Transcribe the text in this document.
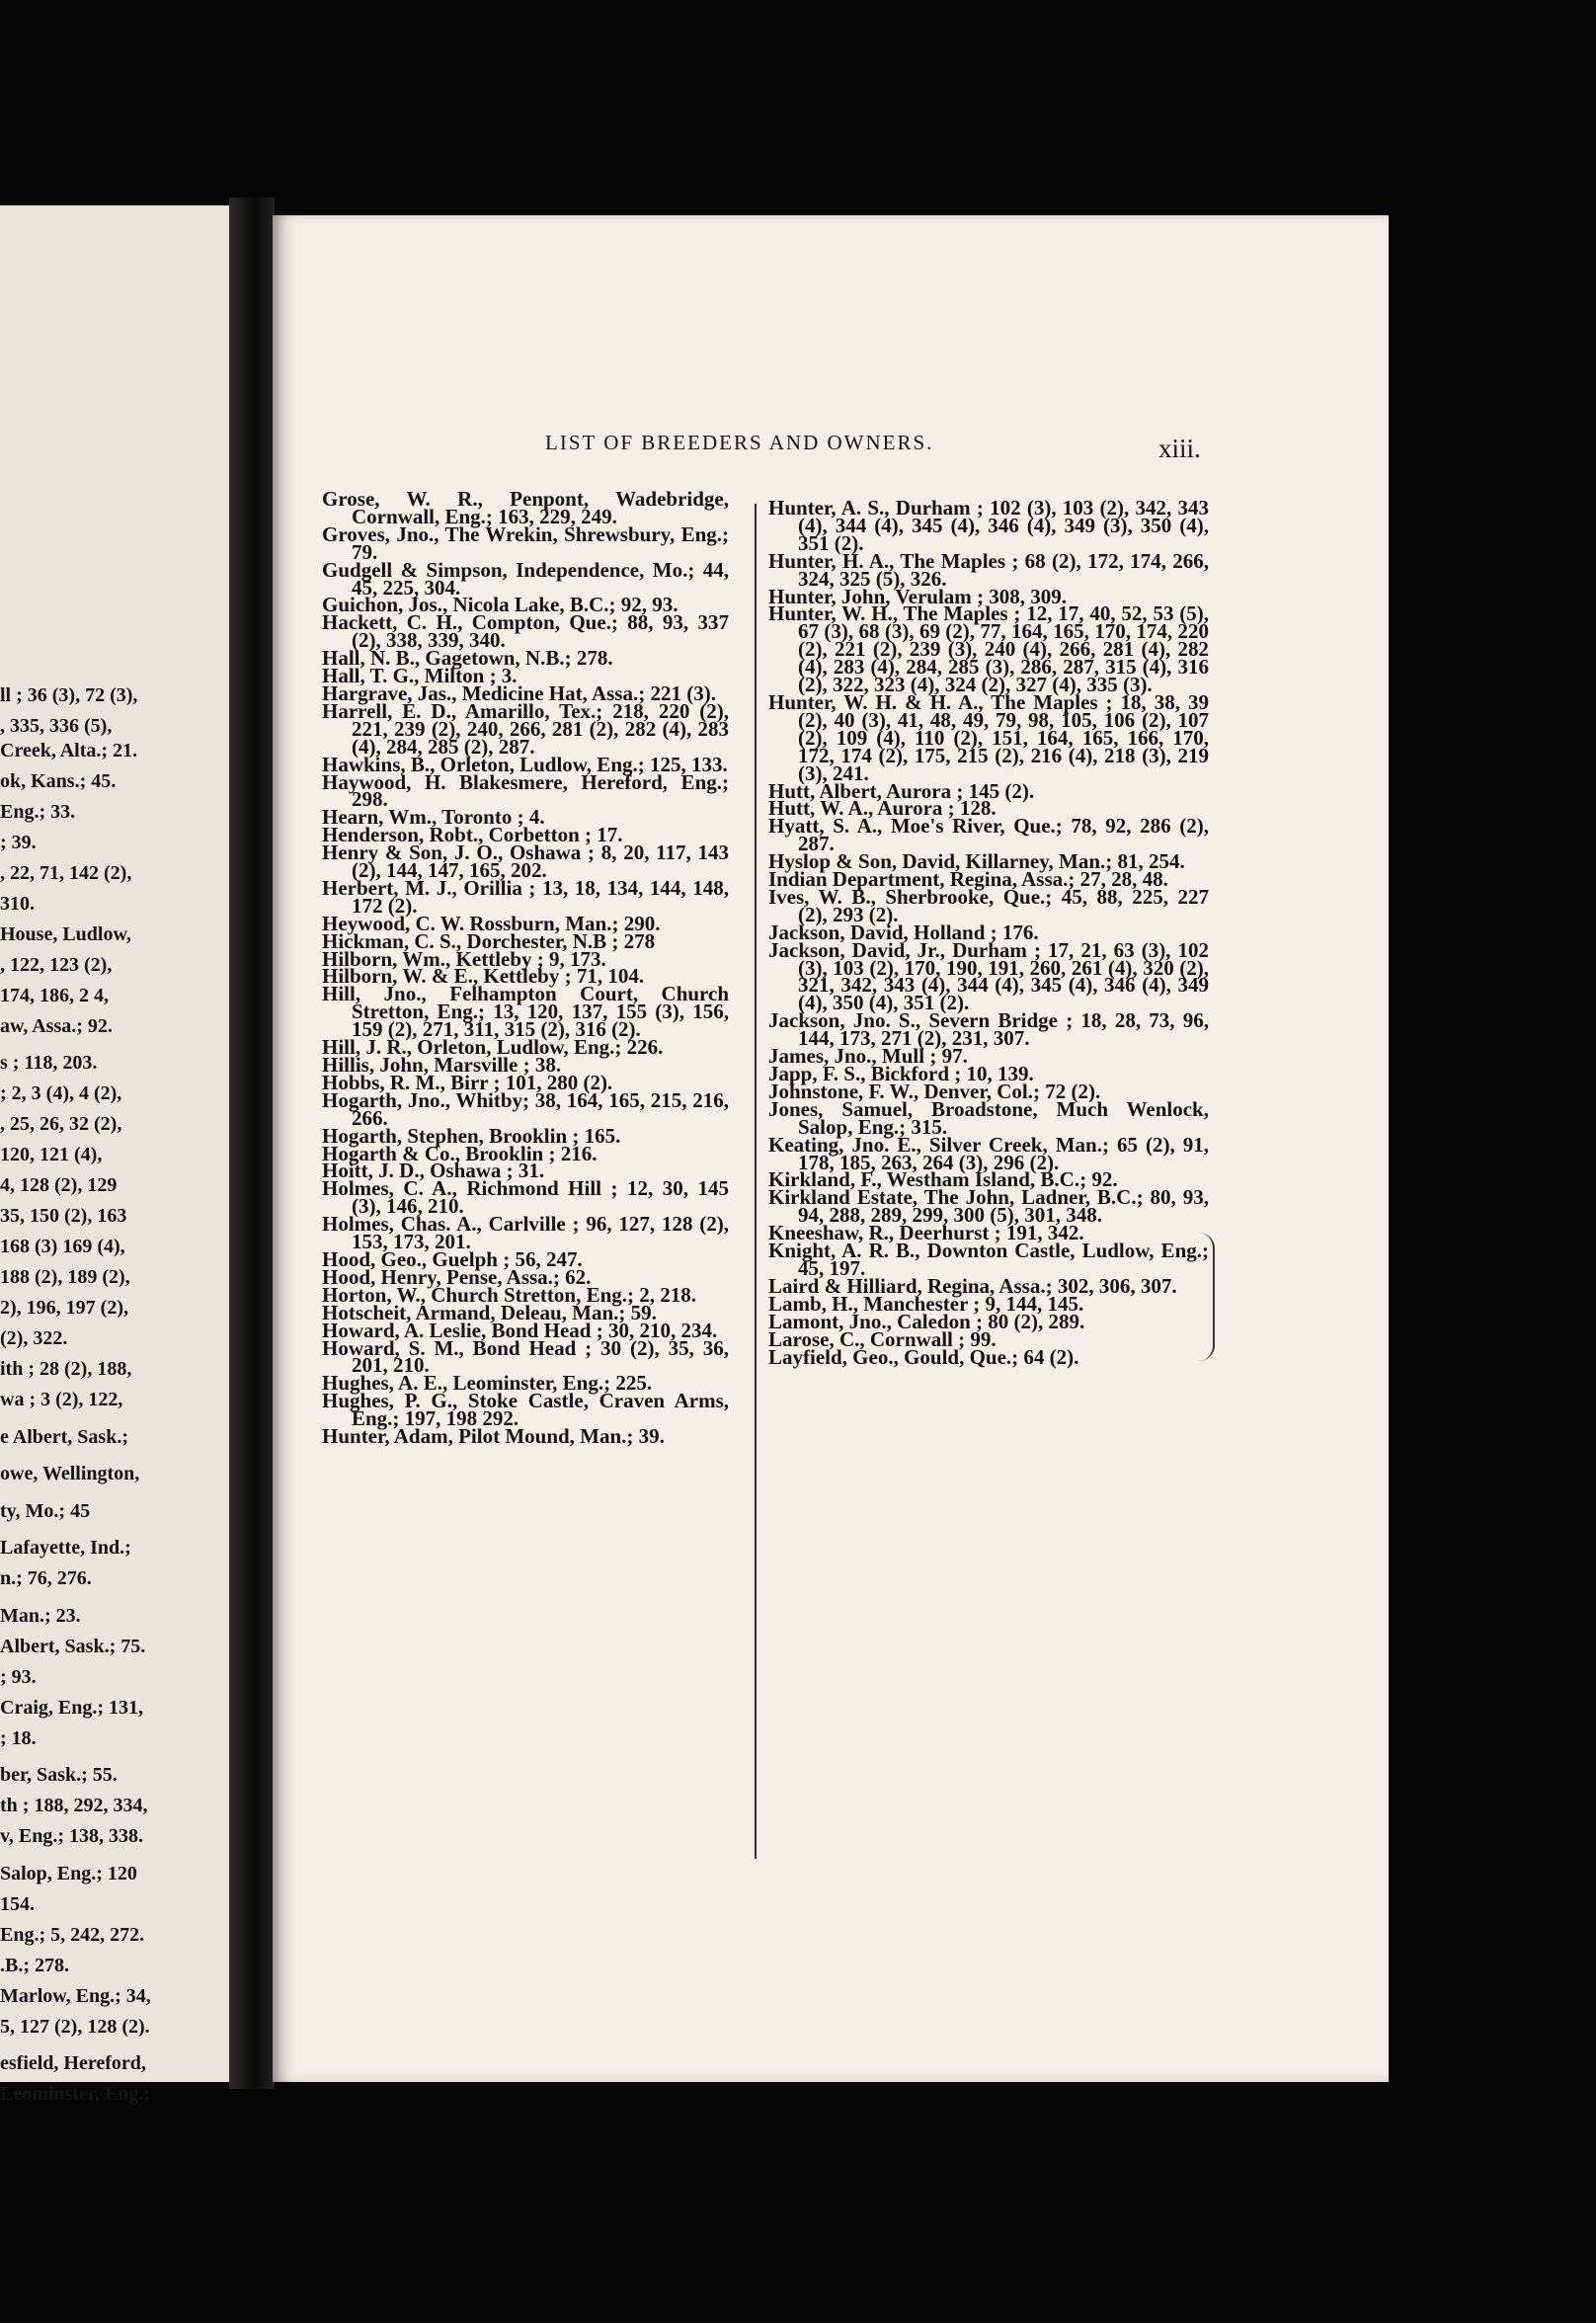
ll ; 36 (3), 72 (3),
, 335, 336 (5),
Creek, Alta.; 21.
ok, Kans.; 45.
Eng.; 33.
; 39.
, 22, 71, 142 (2),
310.
House, Ludlow,
, 122, 123 (2),
174, 186, 2 4,
aw, Assa.; 92.
s ; 118, 203.
; 2, 3 (4), 4 (2),
, 25, 26, 32 (2),
120, 121 (4),
4, 128 (2), 129
35, 150 (2), 163
168 (3) 169 (4),
188 (2), 189 (2),
2), 196, 197 (2),
(2), 322.
ith ; 28 (2), 188,
wa ; 3 (2), 122,
e Albert, Sask.;
owe, Wellington,
ty, Mo.; 45
Lafayette, Ind.;
n.; 76, 276.
Man.; 23.
Albert, Sask.; 75.
; 93.
Craig, Eng.; 131,
; 18.
ber, Sask.; 55.
th ; 188, 292, 334,
v, Eng.; 138, 338.
Salop, Eng.; 120
154.
Eng.; 5, 242, 272.
.B.; 278.
Marlow, Eng.; 34,
5, 127 (2), 128 (2).
esfield, Hereford,
Leominster, Eng.;
LIST OF BREEDERS AND OWNERS.	xiii.
Grose, W. R., Penpont, Wadebridge, Cornwall, Eng.; 163, 229, 249.
Groves, Jno., The Wrekin, Shrewsbury, Eng.; 79.
Gudgell & Simpson, Independence, Mo.; 44, 45, 225, 304.
Guichon, Jos., Nicola Lake, B.C.; 92, 93.
Hackett, C. H., Compton, Que.; 88, 93, 337 (2), 338, 339, 340.
Hall, N. B., Gagetown, N.B.; 278.
Hall, T. G., Milton ; 3.
Hargrave, Jas., Medicine Hat, Assa.; 221 (3).
Harrell, E. D., Amarillo, Tex.; 218, 220 (2), 221, 239 (2), 240, 266, 281 (2), 282 (4), 283 (4), 284, 285 (2), 287.
Hawkins, B., Orleton, Ludlow, Eng.; 125, 133.
Haywood, H. Blakesmere, Hereford, Eng.; 298.
Hearn, Wm., Toronto ; 4.
Henderson, Robt., Corbetton ; 17.
Henry & Son, J. O., Oshawa ; 8, 20, 117, 143 (2), 144, 147, 165, 202.
Herbert, M. J., Orillia ; 13, 18, 134, 144, 148, 172 (2).
Heywood, C. W. Rossburn, Man.; 290.
Hickman, C. S., Dorchester, N.B ; 278
Hilborn, Wm., Kettleby ; 9, 173.
Hilborn, W. & E., Kettleby ; 71, 104.
Hill, Jno., Felhampton Court, Church Stretton, Eng.; 13, 120, 137, 155 (3), 156, 159 (2), 271, 311, 315 (2), 316 (2).
Hill, J. R., Orleton, Ludlow, Eng.; 226.
Hillis, John, Marsville ; 38.
Hobbs, R. M., Birr ; 101, 280 (2).
Hogarth, Jno., Whitby; 38, 164, 165, 215, 216, 266.
Hogarth, Stephen, Brooklin ; 165.
Hogarth & Co., Brooklin ; 216.
Hoitt, J. D., Oshawa ; 31.
Holmes, C. A., Richmond Hill ; 12, 30, 145 (3), 146, 210.
Holmes, Chas. A., Carlville ; 96, 127, 128 (2), 153, 173, 201.
Hood, Geo., Guelph ; 56, 247.
Hood, Henry, Pense, Assa.; 62.
Horton, W., Church Stretton, Eng.; 2, 218.
Hotscheit, Armand, Deleau, Man.; 59.
Howard, A. Leslie, Bond Head ; 30, 210, 234.
Howard, S. M., Bond Head ; 30 (2), 35, 36, 201, 210.
Hughes, A. E., Leominster, Eng.; 225.
Hughes, P. G., Stoke Castle, Craven Arms, Eng.; 197, 198 292.
Hunter, Adam, Pilot Mound, Man.; 39.
Hunter, A. S., Durham ; 102 (3), 103 (2), 342, 343 (4), 344 (4), 345 (4), 346 (4), 349 (3), 350 (4), 351 (2).
Hunter, H. A., The Maples ; 68 (2), 172, 174, 266, 324, 325 (5), 326.
Hunter, John, Verulam ; 308, 309.
Hunter, W. H., The Maples ; 12, 17, 40, 52, 53 (5), 67 (3), 68 (3), 69 (2), 77, 164, 165, 170, 174, 220 (2), 221 (2), 239 (3), 240 (4), 266, 281 (4), 282 (4), 283 (4), 284, 285 (3), 286, 287, 315 (4), 316 (2), 322, 323 (4), 324 (2), 327 (4), 335 (3).
Hunter, W. H. & H. A., The Maples ; 18, 38, 39 (2), 40 (3), 41, 48, 49, 79, 98, 105, 106 (2), 107 (2), 109 (4), 110 (2), 151, 164, 165, 166, 170, 172, 174 (2), 175, 215 (2), 216 (4), 218 (3), 219 (3), 241.
Hutt, Albert, Aurora ; 145 (2).
Hutt, W. A., Aurora ; 128.
Hyatt, S. A., Moe's River, Que.; 78, 92, 286 (2), 287.
Hyslop & Son, David, Killarney, Man.; 81, 254.
Indian Department, Regina, Assa.; 27, 28, 48.
Ives, W. B., Sherbrooke, Que.; 45, 88, 225, 227 (2), 293 (2).
Jackson, David, Holland ; 176.
Jackson, David, Jr., Durham ; 17, 21, 63 (3), 102 (3), 103 (2), 170, 190, 191, 260, 261 (4), 320 (2), 321, 342, 343 (4), 344 (4), 345 (4), 346 (4), 349 (4), 350 (4), 351 (2).
Jackson, Jno. S., Severn Bridge ; 18, 28, 73, 96, 144, 173, 271 (2), 231, 307.
James, Jno., Mull ; 97.
Japp, F. S., Bickford ; 10, 139.
Johnstone, F. W., Denver, Col.; 72 (2).
Jones, Samuel, Broadstone, Much Wenlock, Salop, Eng.; 315.
Keating, Jno. E., Silver Creek, Man.; 65 (2), 91, 178, 185, 263, 264 (3), 296 (2).
Kirkland, F., Westham Island, B.C.; 92.
Kirkland Estate, The John, Ladner, B.C.; 80, 93, 94, 288, 289, 299, 300 (5), 301, 348.
Kneeshaw, R., Deerhurst ; 191, 342.
Knight, A. R. B., Downton Castle, Ludlow, Eng.; 45, 197.
Laird & Hilliard, Regina, Assa.; 302, 306, 307.
Lamb, H., Manchester ; 9, 144, 145.
Lamont, Jno., Caledon ; 80 (2), 289.
Larose, C., Cornwall ; 99.
Layfield, Geo., Gould, Que.; 64 (2).
